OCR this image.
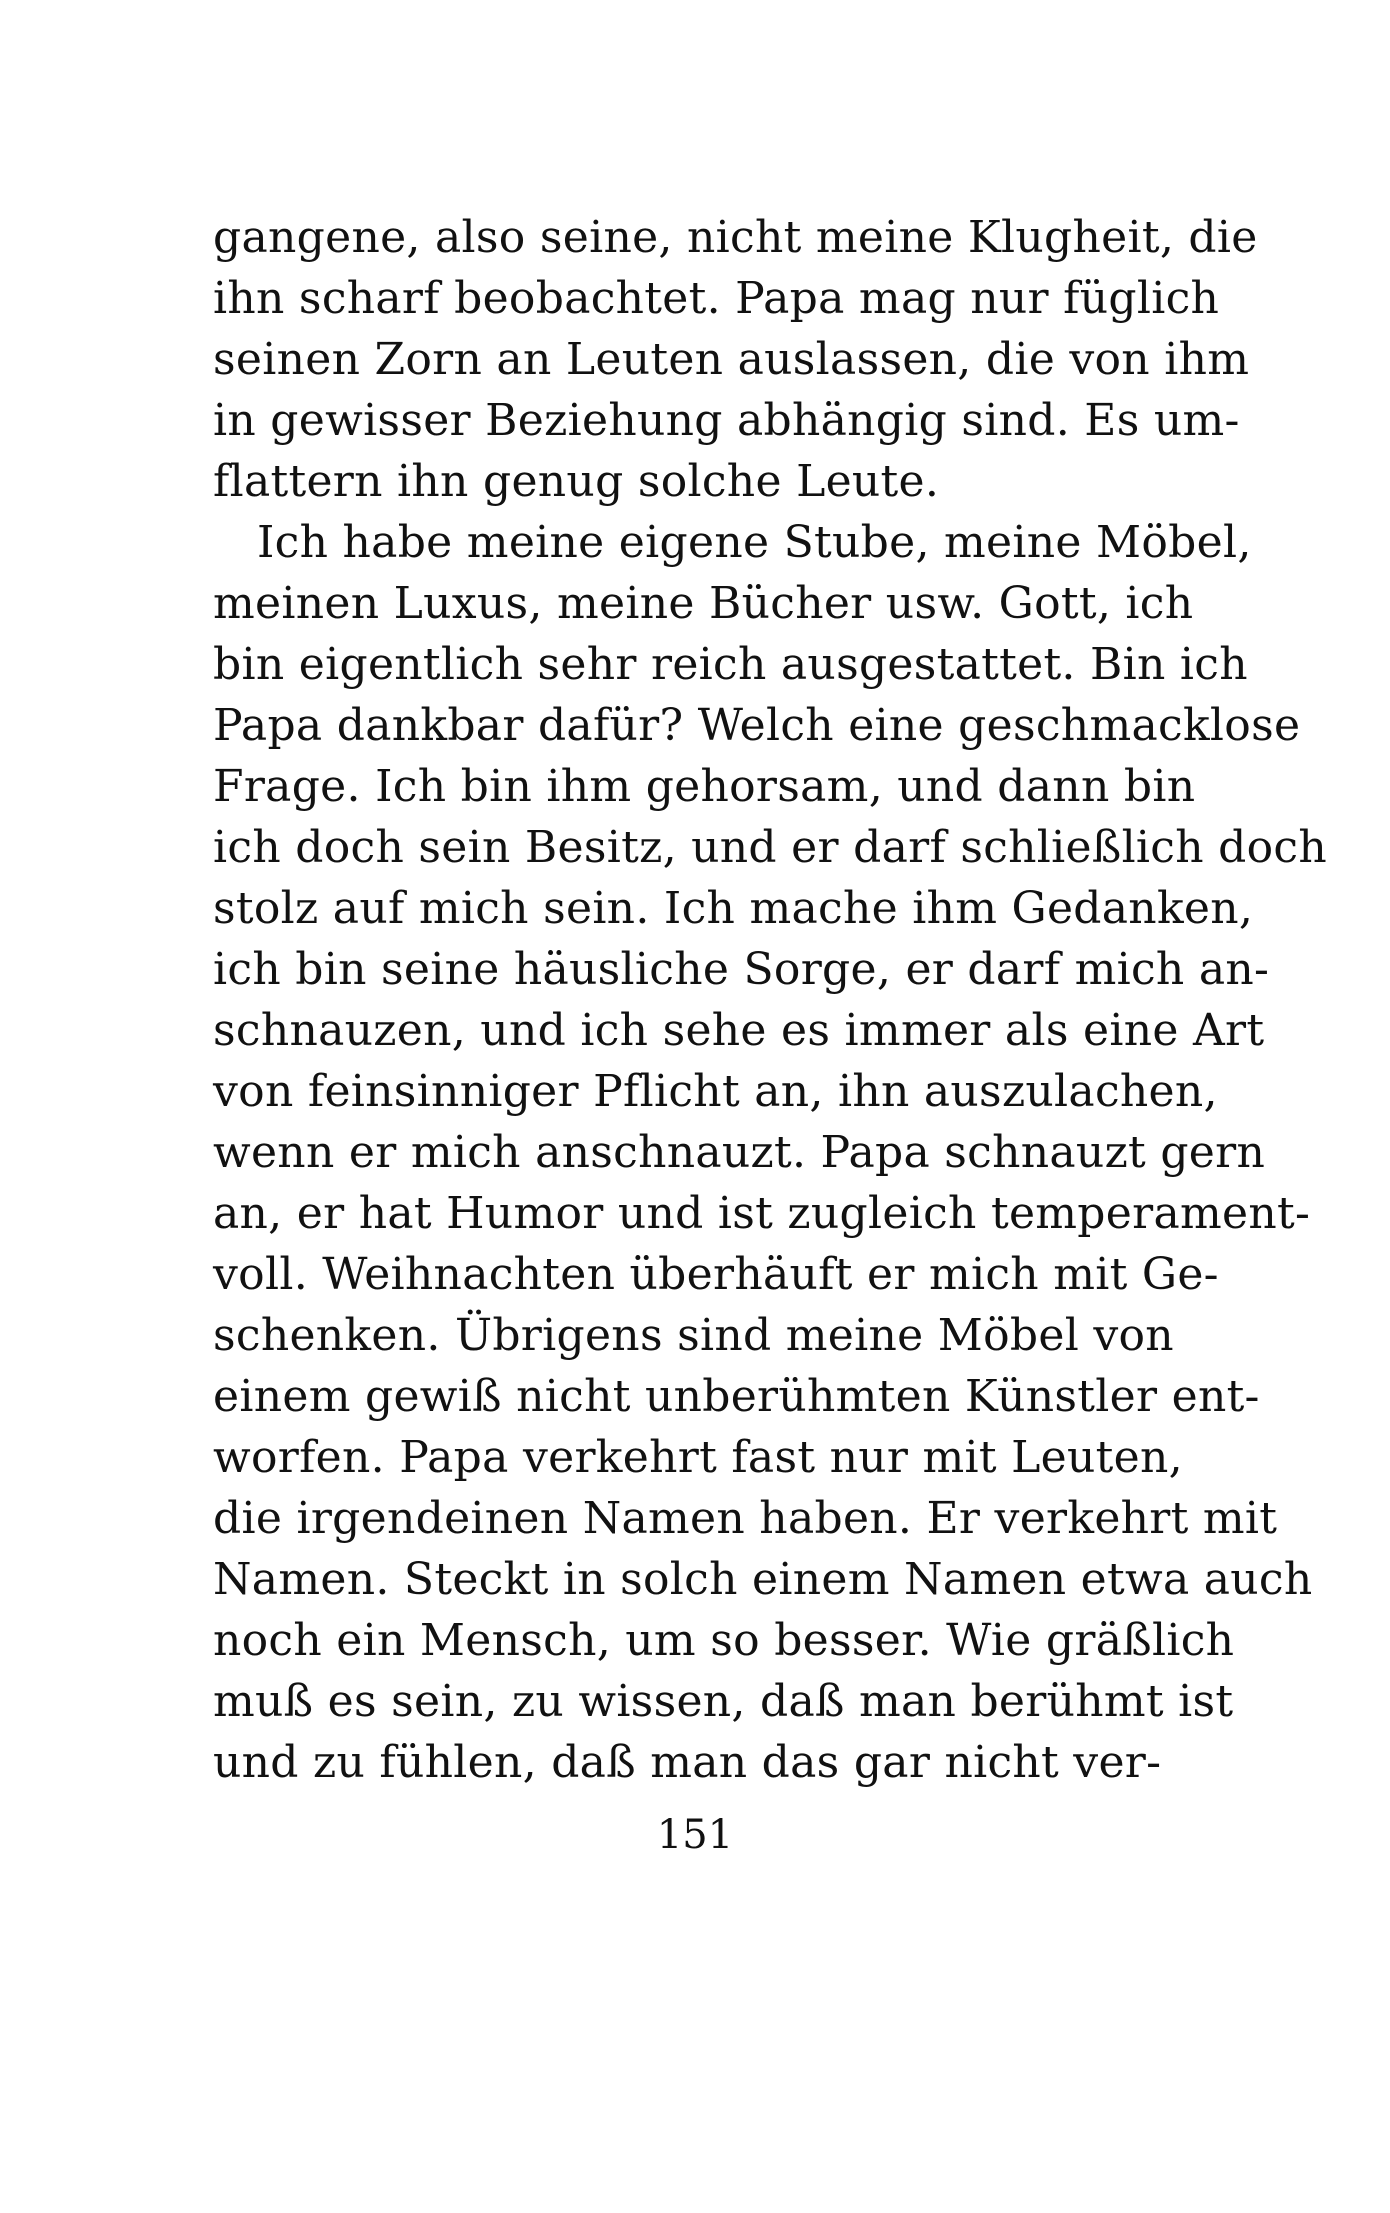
gangene, also seine, nicht meine Klugheit, die
ihn scharf beobachtet. Papa mag nur füglich
seinen Zorn an Leuten auslassen, die von ihm
in gewisser Beziehung abhängig sind. Es um-
flattern ihn genug solche Leute.
Ich habe meine eigene Stube, meine Möbel,
meinen Luxus, meine Bücher usw. Gott, ich
bin eigentlich sehr reich ausgestattet. Bin ich
Papa dankbar dafür? Welch eine geschmacklose
Frage. Ich bin ihm gehorsam, und dann bin
ich doch sein Besitz, und er darf schließlich doch
stolz auf mich sein. Ich mache ihm Gedanken,
ich bin seine häusliche Sorge, er darf mich an-
schnauzen, und ich sehe es immer als eine Art
von feinsinniger Pflicht an, ihn auszulachen,
wenn er mich anschnauzt. Papa schnauzt gern
an, er hat Humor und ist zugleich temperament-
voll. Weihnachten überhäuft er mich mit Ge-
schenken. Übrigens sind meine Möbel von
einem gewiß nicht unberühmten Künstler ent-
worfen. Papa verkehrt fast nur mit Leuten,
die irgendeinen Namen haben. Er verkehrt mit
Namen. Steckt in solch einem Namen etwa auch
noch ein Mensch, um so besser. Wie gräßlich
muß es sein, zu wissen, daß man berühmt ist
und zu fühlen, daß man das gar nicht ver-
151
